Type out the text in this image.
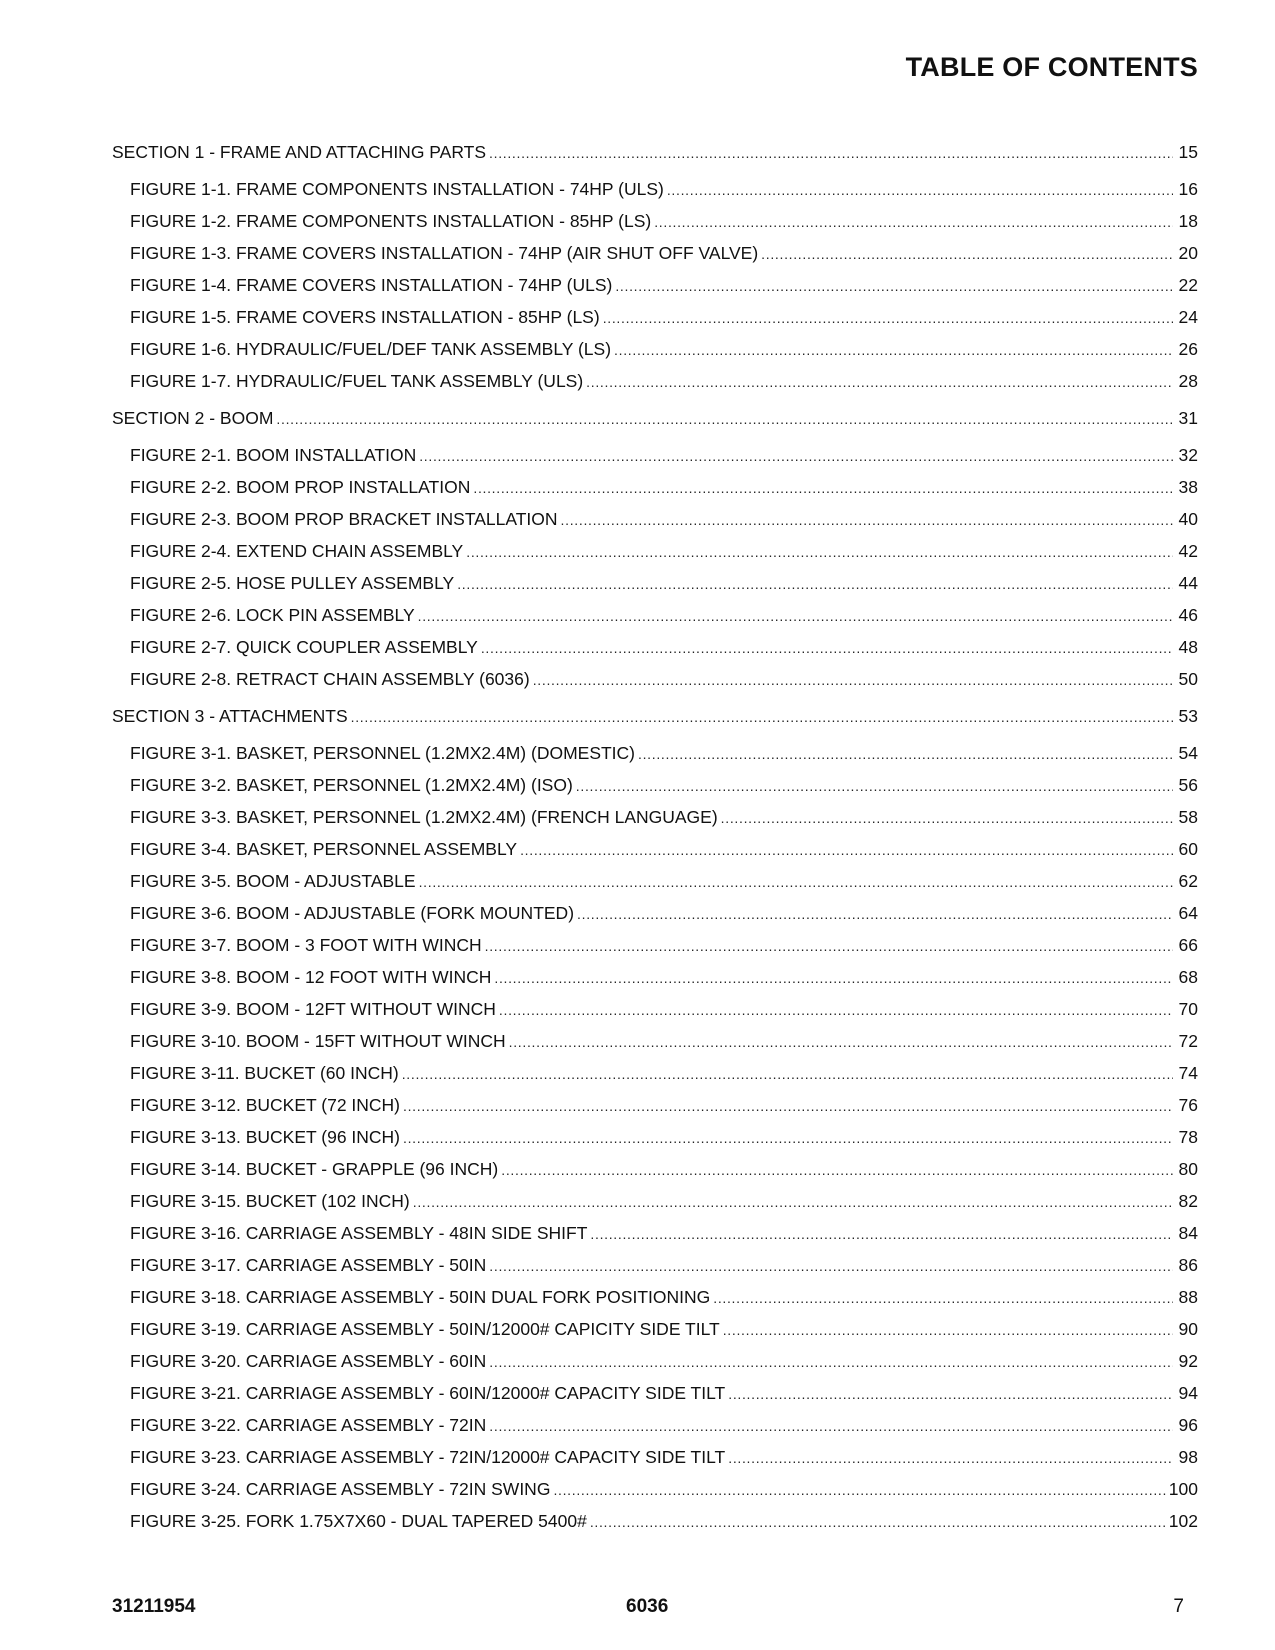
TABLE OF CONTENTS
SECTION 1 - FRAME AND ATTACHING PARTS . . .	15
FIGURE 1-1. FRAME COMPONENTS INSTALLATION - 74HP (ULS) . . .	16
FIGURE 1-2. FRAME COMPONENTS INSTALLATION - 85HP (LS) . . .	18
FIGURE 1-3. FRAME COVERS INSTALLATION - 74HP (AIR SHUT OFF VALVE) . . .	20
FIGURE 1-4. FRAME COVERS INSTALLATION - 74HP (ULS) . . .	22
FIGURE 1-5. FRAME COVERS INSTALLATION - 85HP (LS) . . .	24
FIGURE 1-6. HYDRAULIC/FUEL/DEF TANK ASSEMBLY (LS) . . .	26
FIGURE 1-7. HYDRAULIC/FUEL TANK ASSEMBLY (ULS) . . .	28
SECTION 2 - BOOM . . .	31
FIGURE 2-1. BOOM INSTALLATION . . .	32
FIGURE 2-2. BOOM PROP INSTALLATION . . .	38
FIGURE 2-3. BOOM PROP BRACKET INSTALLATION . . .	40
FIGURE 2-4. EXTEND CHAIN ASSEMBLY . . .	42
FIGURE 2-5. HOSE PULLEY ASSEMBLY . . .	44
FIGURE 2-6. LOCK PIN ASSEMBLY . . .	46
FIGURE 2-7. QUICK COUPLER ASSEMBLY . . .	48
FIGURE 2-8. RETRACT CHAIN ASSEMBLY (6036) . . .	50
SECTION 3 - ATTACHMENTS . . .	53
FIGURE 3-1. BASKET, PERSONNEL (1.2MX2.4M) (DOMESTIC) . . .	54
FIGURE 3-2. BASKET, PERSONNEL (1.2MX2.4M) (ISO) . . .	56
FIGURE 3-3. BASKET, PERSONNEL (1.2MX2.4M) (FRENCH LANGUAGE) . . .	58
FIGURE 3-4. BASKET, PERSONNEL ASSEMBLY . . .	60
FIGURE 3-5. BOOM - ADJUSTABLE . . .	62
FIGURE 3-6. BOOM - ADJUSTABLE (FORK MOUNTED) . . .	64
FIGURE 3-7. BOOM - 3 FOOT WITH WINCH . . .	66
FIGURE 3-8. BOOM - 12 FOOT WITH WINCH . . .	68
FIGURE 3-9. BOOM - 12FT WITHOUT WINCH . . .	70
FIGURE 3-10. BOOM - 15FT WITHOUT WINCH . . .	72
FIGURE 3-11. BUCKET (60 INCH) . . .	74
FIGURE 3-12. BUCKET (72 INCH) . . .	76
FIGURE 3-13. BUCKET (96 INCH) . . .	78
FIGURE 3-14. BUCKET - GRAPPLE (96 INCH) . . .	80
FIGURE 3-15. BUCKET (102 INCH) . . .	82
FIGURE 3-16. CARRIAGE ASSEMBLY - 48IN SIDE SHIFT . . .	84
FIGURE 3-17. CARRIAGE ASSEMBLY - 50IN . . .	86
FIGURE 3-18. CARRIAGE ASSEMBLY - 50IN DUAL FORK POSITIONING . . .	88
FIGURE 3-19. CARRIAGE ASSEMBLY - 50IN/12000# CAPICITY SIDE TILT . . .	90
FIGURE 3-20. CARRIAGE ASSEMBLY - 60IN . . .	92
FIGURE 3-21. CARRIAGE ASSEMBLY - 60IN/12000# CAPACITY SIDE TILT . . .	94
FIGURE 3-22. CARRIAGE ASSEMBLY - 72IN . . .	96
FIGURE 3-23. CARRIAGE ASSEMBLY - 72IN/12000# CAPACITY SIDE TILT . . .	98
FIGURE 3-24. CARRIAGE ASSEMBLY - 72IN SWING . . .	100
FIGURE 3-25. FORK 1.75X7X60 - DUAL TAPERED 5400# . . .	102
31211954	6036	7
